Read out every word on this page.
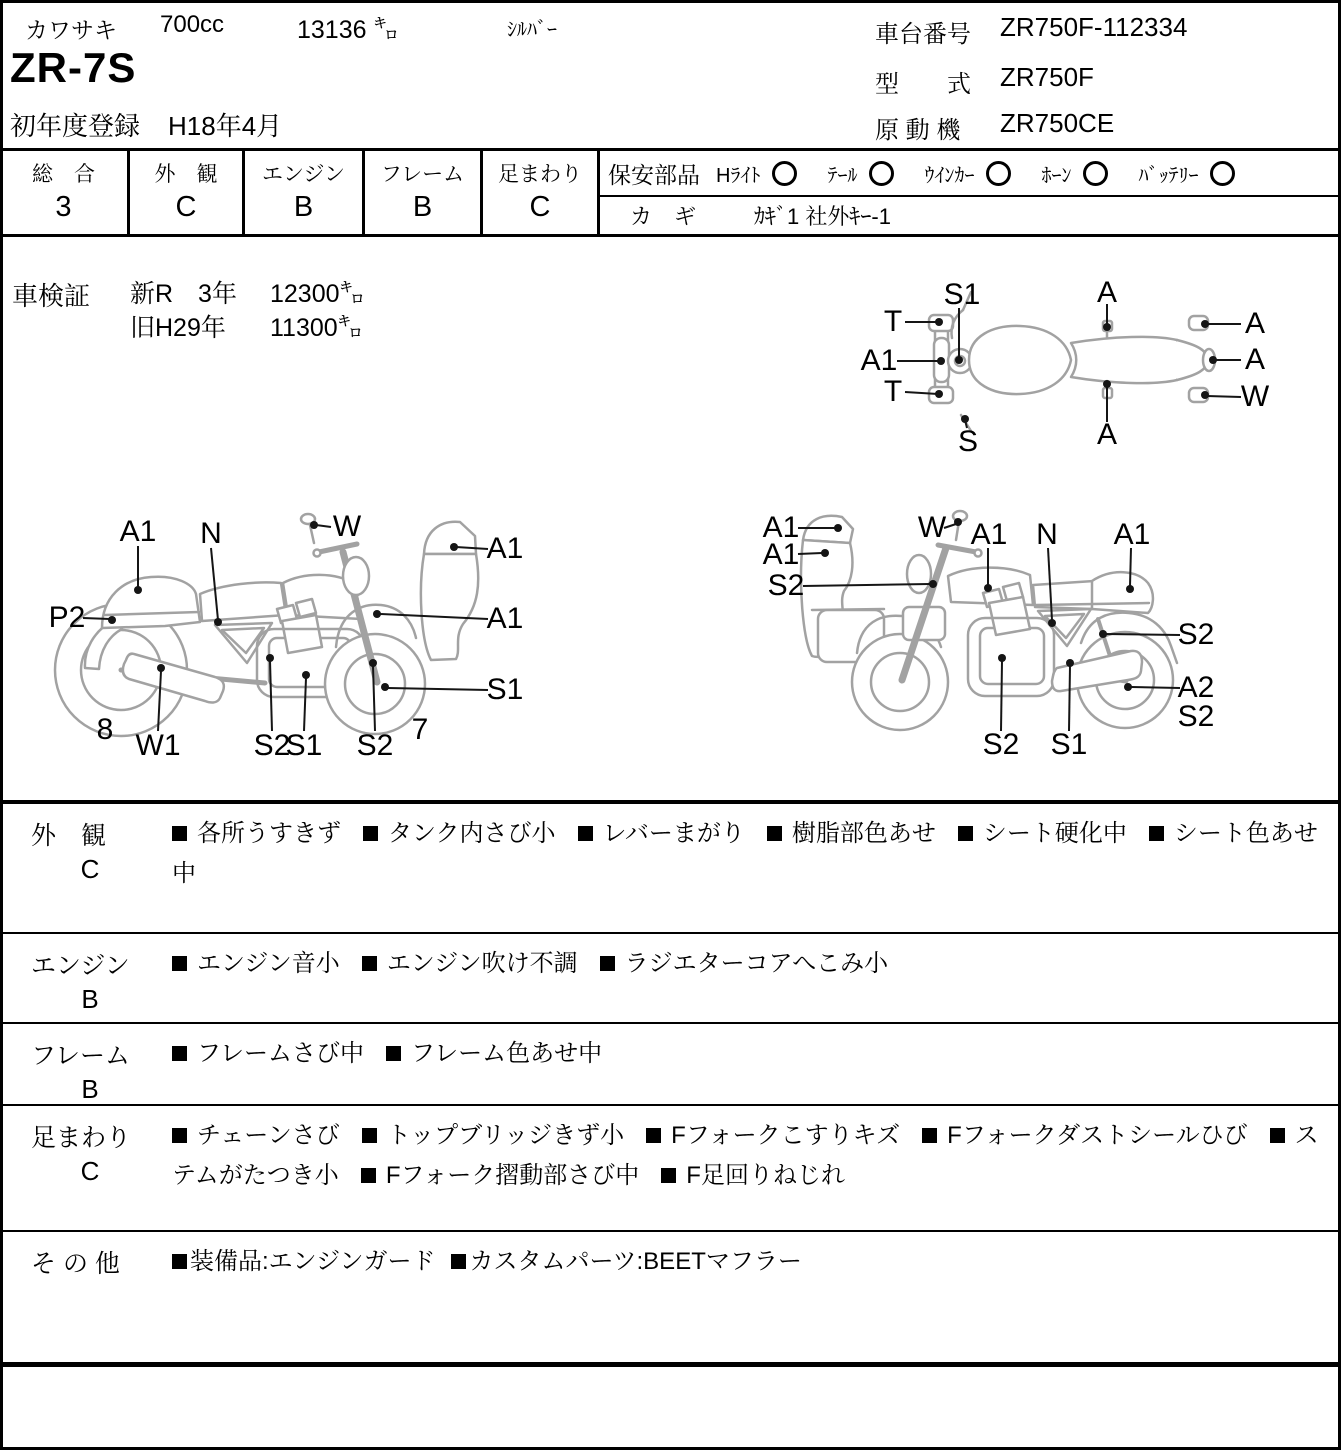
カワサキ 700cc	13136 ㌔	ｼﾙﾊﾞｰ
ZR-7S
初年度登録 H18年4月
車台番号 ZR750F-112334
型　　式 ZR750F
原 動 機 ZR750CE
総　合
3
外　観
C
エンジン
B
フレーム
B
足まわり
C
保安部品 Hﾗｲﾄ	ﾃｰﾙ	ｳｲﾝｶｰ	ﾎｰﾝ	ﾊﾞｯﾃﾘｰ
カ　ギ	ｶｷﾞ1 社外ｷｰ-1
車検証 新R　3年 12300㌔
旧H29年 11300㌔
S1	A
T	A
A1	A
T	W
S	A
A1 N	W
A1
P2	A1
S1
8 W1 S2
S1 S2 7
A1
A1
S2
W A1 N A1
S2
A2
S2
S2 S1
外　観
C
各所うすきず タンク内さび小 レバーまがり 樹脂部色あせ シート硬化中 シート色あせ中
エンジン
B
エンジン音小 エンジン吹け不調 ラジエターコアへこみ小
フレーム
B
フレームさび中 フレーム色あせ中
足まわり
C
チェーンさび トップブリッジきず小 Fフォークこすりキズ Fフォークダストシールひび ステムがたつき小 Fフォーク摺動部さび中 F足回りねじれ
そ の 他	装備品:エンジンガード カスタムパーツ:BEETマフラー
